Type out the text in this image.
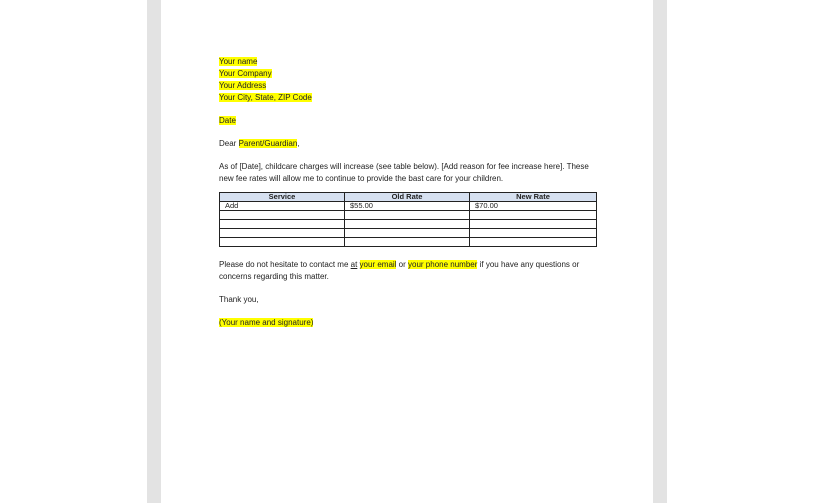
Your name
Your Company
Your Address
Your City, State, ZIP Code
Date
Dear Parent/Guardian,
As of [Date], childcare charges will increase (see table below). [Add reason for fee increase here]. These
new fee rates will allow me to continue to provide the bast care for your children.
Service	Old Rate	New Rate
Add	$55.00	$70.00

Please do not hesitate to contact me at your email or your phone number if you have any questions or
concerns regarding this matter.
Thank you,
(Your name and signature)
